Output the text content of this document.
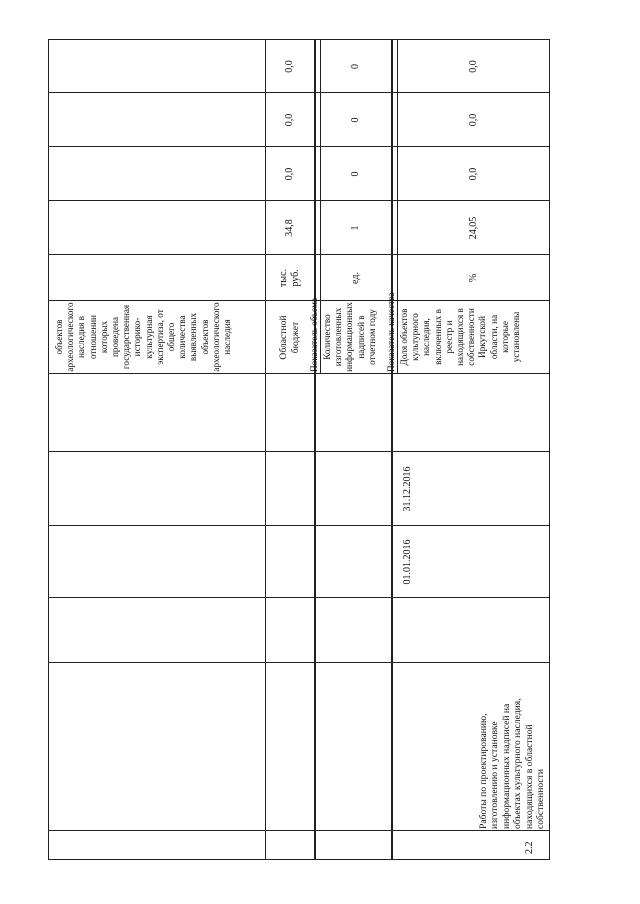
объектов археологического наследия в отношении которых проведена государственная историко- культурная экспертиза, от общего количества выявленных объектов археологического наследия	Областной бюджет
тыс. руб.
34,8
0,0
0,0
0,0
Показатель объема Количество изготовленных информационных надписей в отчетном году
ед.
1
0
0
0
Показатель качества Доля объектов культурного наследия, включенных в реестр и находящихся в собственности Иркутской области, на которые установлены
%
24,05
0,0
0,0
0,0
2.2
Работы по проектированию, изготовлению и установке информационных надписей на объектах культурного наследия, находящихся в областной собственности
01.01.2016
31.12.2016
